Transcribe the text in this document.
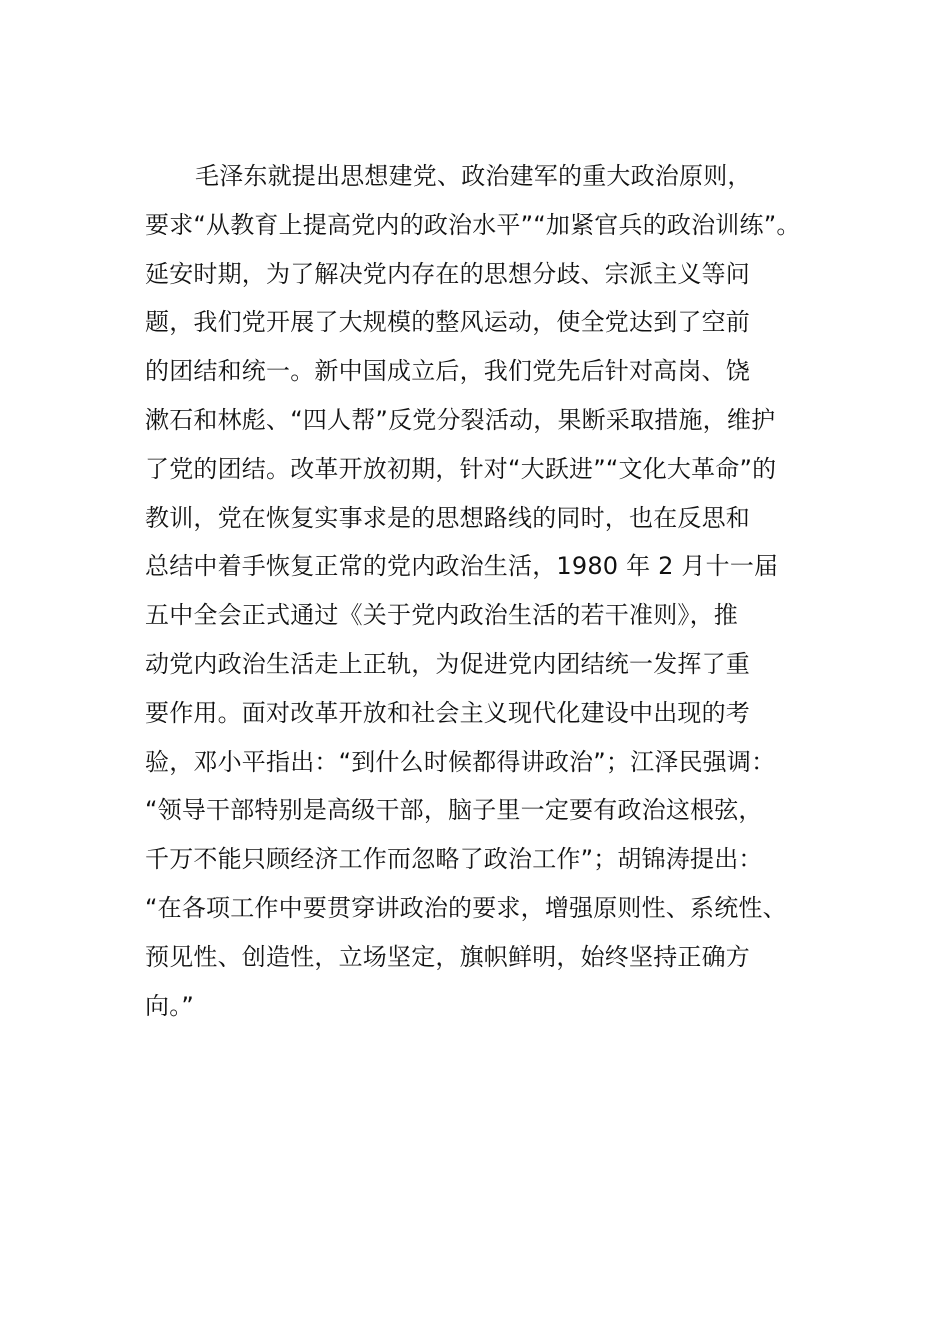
毛泽东就提出思想建党、政治建军的重大政治原则，
要求“从教育上提高党内的政治水平”“加紧官兵的政治训练”。
延安时期，为了解决党内存在的思想分歧、宗派主义等问
题，我们党开展了大规模的整风运动，使全党达到了空前
的团结和统一。新中国成立后，我们党先后针对高岗、饶
漱石和林彪、“四人帮”反党分裂活动，果断采取措施，维护
了党的团结。改革开放初期，针对“大跃进”“文化大革命”的
教训，党在恢复实事求是的思想路线的同时，也在反思和
总结中着手恢复正常的党内政治生活，1980 年 2 月十一届
五中全会正式通过《关于党内政治生活的若干准则》，推
动党内政治生活走上正轨，为促进党内团结统一发挥了重
要作用。面对改革开放和社会主义现代化建设中出现的考
验，邓小平指出：“到什么时候都得讲政治”；江泽民强调：
“领导干部特别是高级干部，脑子里一定要有政治这根弦，
千万不能只顾经济工作而忽略了政治工作”；胡锦涛提出：
“在各项工作中要贯穿讲政治的要求，增强原则性、系统性、
预见性、创造性，立场坚定，旗帜鲜明，始终坚持正确方
向。”
